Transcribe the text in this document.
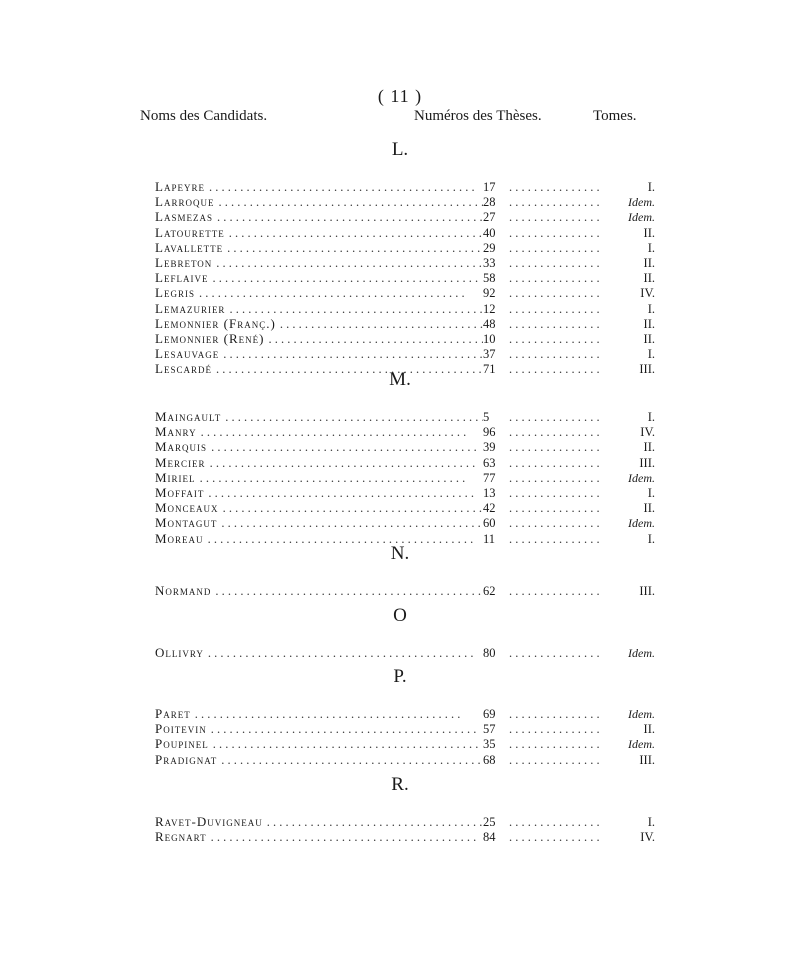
( 11 )
Noms des Candidats.	Numéros des Thèses.	Tomes.
L.
Lapeyre . . .	17 . . .	I.
Larroque . . .	28 . . .	Idem.
Lasmezas . . .	27 . . .	Idem.
Latourette . . .	40 . . .	II.
Lavallette . . .	29 . . .	I.
Lebreton . . .	33 . . .	II.
Leflaive . . .	58 . . .	II.
Legris . . .	92 . . .	IV.
Lemazurier . . .	12 . . .	I.
Lemonnier (Franç.) . . .	48 . . .	II.
Lemonnier (René) . . .	10 . . .	II.
Lesauvage . . .	37 . . .	I.
Lescardé . . .	71 . . .	III.
M.
Maingault . . .	5 . . .	I.
Manry . . .	96 . . .	IV.
Marquis . . .	39 . . .	II.
Mercier . . .	63 . . .	III.
Miriel . . .	77 . . .	Idem.
Moffait . . .	13 . . .	I.
Monceaux . . .	42 . . .	II.
Montagut . . .	60 . . .	Idem.
Moreau . . .	11 . . .	I.
N.
Normand . . .	62 . . .	III.
O
Ollivry . . .	80 . . .	Idem.
P.
Paret . . .	69 . . .	Idem.
Poitevin . . .	57 . . .	II.
Poupinel . . .	35 . . .	Idem.
Pradignat . . .	68 . . .	III.
R.
Ravet-Duvigneau . . .	25 . . .	I.
Regnart . . .	84 . . .	IV.
